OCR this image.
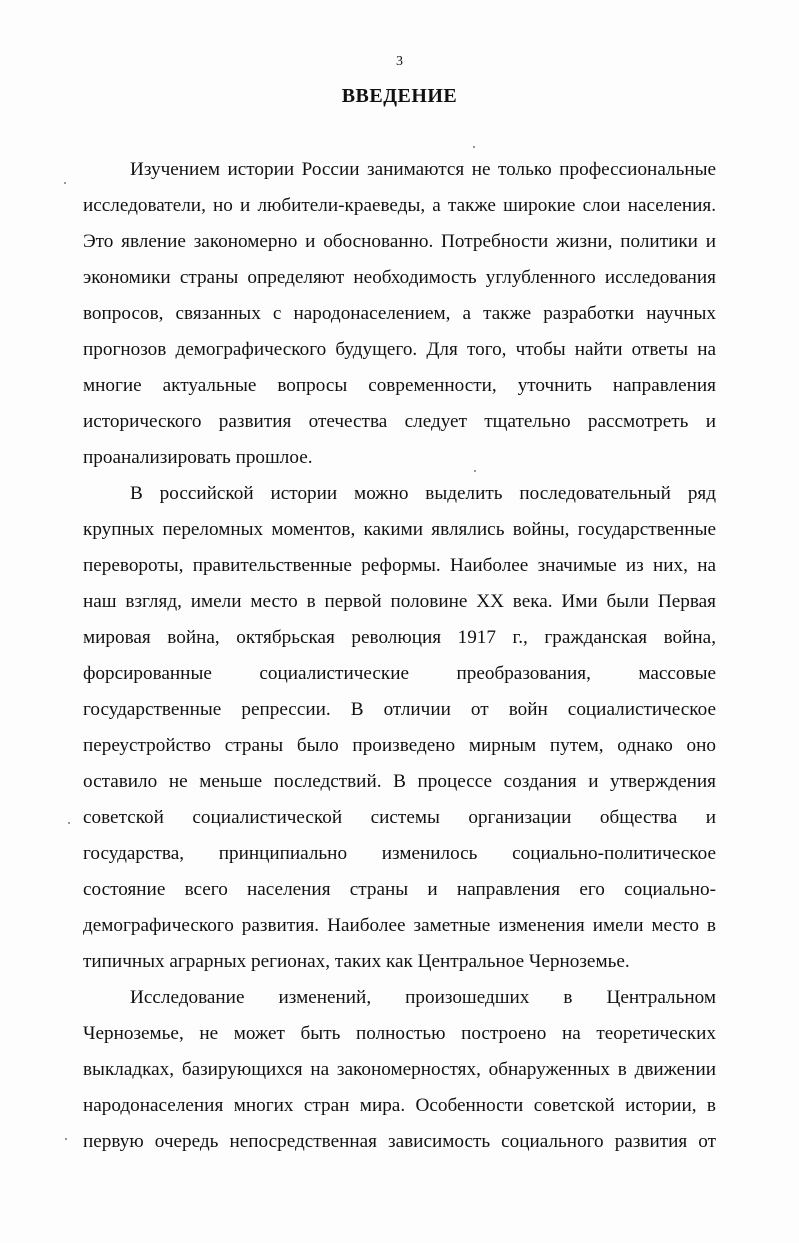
3
ВВЕДЕНИЕ
Изучением истории России занимаются не только профессиональные
исследователи, но и любители-краеведы, а также широкие слои населения.
Это явление закономерно и обоснованно. Потребности жизни, политики и
экономики страны определяют необходимость углубленного исследования
вопросов, связанных с народонаселением, а также разработки научных
прогнозов демографического будущего. Для того, чтобы найти ответы на
многие актуальные вопросы современности, уточнить направления
исторического развития отечества следует тщательно рассмотреть и
проанализировать прошлое.
В российской истории можно выделить последовательный ряд
крупных переломных моментов, какими являлись войны, государственные
перевороты, правительственные реформы. Наиболее значимые из них, на
наш взгляд, имели место в первой половине XX века. Ими были Первая
мировая война, октябрьская революция 1917 г., гражданская война,
форсированные социалистические преобразования, массовые
государственные репрессии. В отличии от войн социалистическое
переустройство страны было произведено мирным путем, однако оно
оставило не меньше последствий. В процессе создания и утверждения
советской социалистической системы организации общества и
государства, принципиально изменилось социально-политическое
состояние всего населения страны и направления его социально-
демографического развития. Наиболее заметные изменения имели место в
типичных аграрных регионах, таких как Центральное Черноземье.
Исследование изменений, произошедших в Центральном
Черноземье, не может быть полностью построено на теоретических
выкладках, базирующихся на закономерностях, обнаруженных в движении
народонаселения многих стран мира. Особенности советской истории, в
первую очередь непосредственная зависимость социального развития от
